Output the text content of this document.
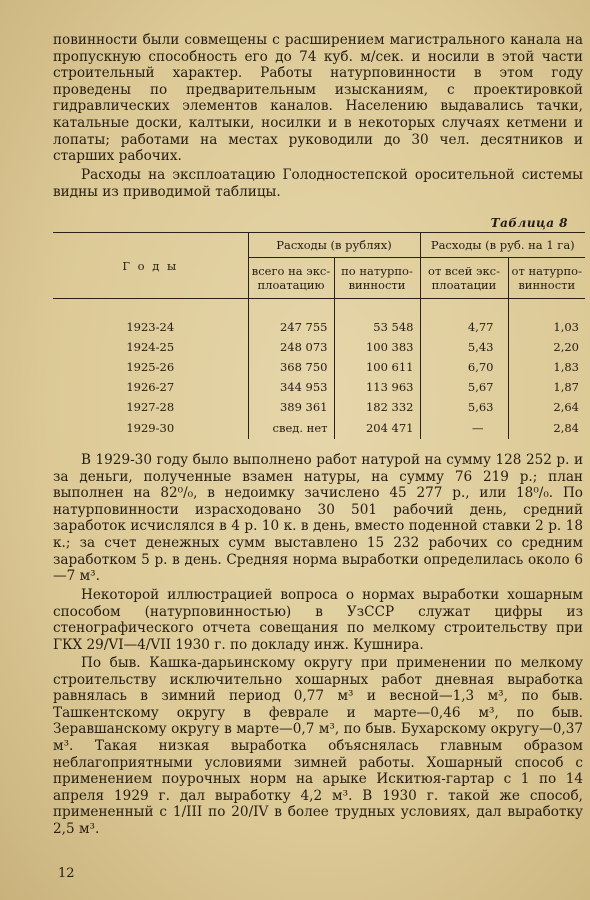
повинности были совмещены с расширением магистрального канала на пропускную способность его до 74 куб. м/сек. и носили в этой части строительный характер. Работы натурповинности в этом году проведены по предварительным изысканиям, с проектировкой гидравлических элементов каналов. Населению выдавались тачки, катальные доски, калтыки, носилки и в некоторых случаях кетмени и лопаты; работами на местах руководили до 30 чел. десятников и старших рабочих.

Расходы на эксплоатацию Голодностепской оросительной системы видны из приводимой таблицы.

Таблица 8
Г о д ы	Расходы (в рублях)		Расходы (в руб. на 1 га)	
	всего на экс-плоатацию	по натурпо-винности	от всей экс-плоатации	от натурпо-винности

1923-24	247 755	53 548	4,77	1,03
1924-25	248 073	100 383	5,43	2,20
1925-26	368 750	100 611	6,70	1,83
1926-27	344 953	113 963	5,67	1,87
1927-28	389 361	182 332	5,63	2,64
1929-30	свед. нет	204 471	—	2,84

В 1929-30 году было выполнено работ натурой на сумму 128 252 р. и за деньги, полученные взамен натуры, на сумму 76 219 р.; план выполнен на 82⁰/₀, в недоимку зачислено 45 277 р., или 18⁰/₀. По натурповинности израсходовано 30 501 рабочий день, средний заработок исчислялся в 4 р. 10 к. в день, вместо поденной ставки 2 р. 18 к.; за счет денежных сумм выставлено 15 232 рабочих со средним заработком 5 р. в день. Средняя норма выработки определилась около 6—7 м³.

Некоторой иллюстрацией вопроса о нормах выработки хошарным способом (натурповинностью) в УзССР служат цифры из стенографического отчета совещания по мелкому строительству при ГКХ 29/VI—4/VII 1930 г. по докладу инж. Кушнира.

По быв. Кашка-дарьинскому округу при применении по мелкому строительству исключительно хошарных работ дневная выработка равнялась в зимний период 0,77 м³ и весной—1,3 м³, по быв. Ташкентскому округу в феврале и марте—0,46 м³, по быв. Зеравшанскому округу в марте—0,7 м³, по быв. Бухарскому округу—0,37 м³. Такая низкая выработка объяснялась главным образом неблагоприятными условиями зимней работы. Хошарный способ с применением поурочных норм на арыке Искитюя-гартар с 1 по 14 апреля 1929 г. дал выработку 4,2 м³. В 1930 г. такой же способ, примененный с 1/III по 20/IV в более трудных условиях, дал выработку 2,5 м³.

12
